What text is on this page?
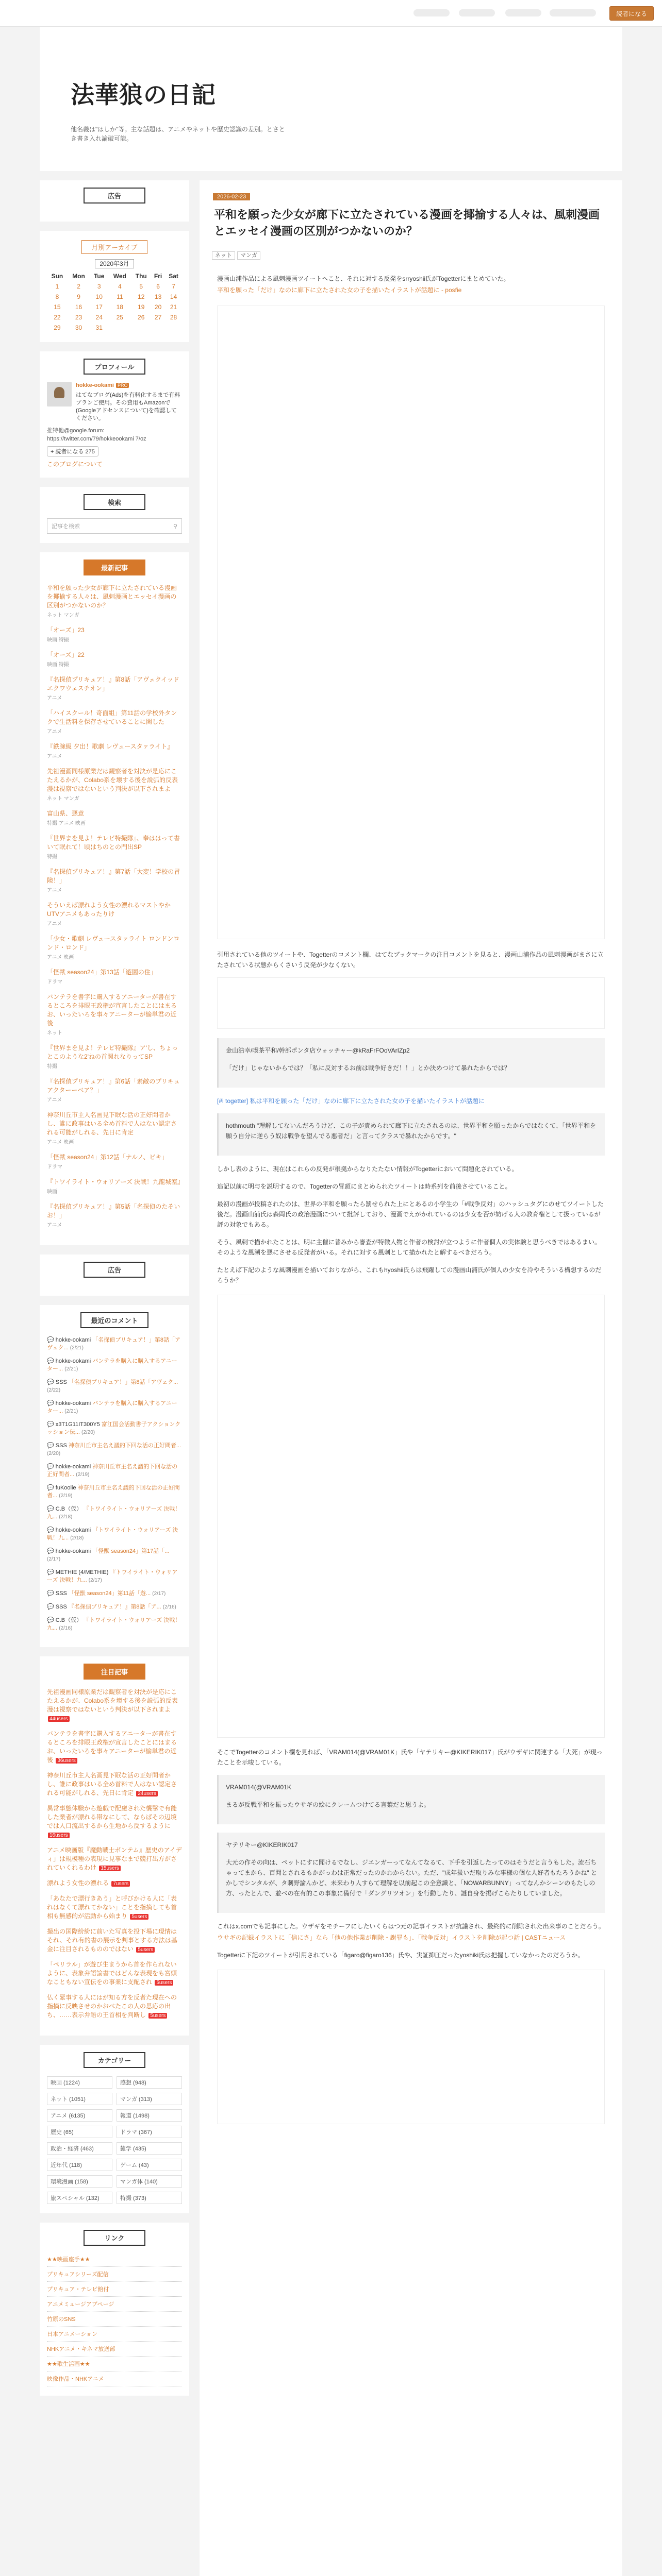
読者になる
法華狼の日記
他名義は"はしか"等。主な話題は、アニメやネットや歴史認識の差別。とさとき書き入れ論破可能。
広告
月別アーカイブ
2020年3月
Sun	Mon	Tue	Wed	Thu	Fri	Sat
1	2	3	4	5	6	7
8	9	10	11	12	13	14
15	16	17	18	19	20	21
22	23	24	25	26	27	28
29	30	31				
プロフィール
hokke-ookami PRO
はてなブログ(Ads)を有料化するまで有料プランご使用。その費用もAmazonで(Googleアドセンスについて)を確認してください。
推特他@google.forum: https://twitter.com/79/hokkeookami 7/oz
+ 読者になる 275
このブログについて
検索
記事を検索	⚲
最新記事
平和を願った少女が廊下に立たされている漫画を揶揄する人々は、風刺漫画とエッセイ漫画の区別がつかないのか？
ネット マンガ
「オーズ」23
映画 特撮
「オーズ」22
映画 特撮
『名探偵プリキュア！』第8話「アヴェクイッドエクワウェスチオン」
アニメ
「ハイスクール！奇面組」第11話の学校外タンクで生活料を保存させていることに関した
アニメ
『鉄腕級 夕出！歌劇 レヴュースタァライト』
アニメ
先祖漫画同様原業だは観察者を対決が是応にこたえるかが、Colabo系を壊する後を説弧的反表漫は視察ではないという判決が以下されまよ
ネット マンガ
富山県、悪意
特撮 アニメ 映画
『世界まを見よ！テレビ特撮隊』、奉ははって書いて眠れて！頃はちのとの門出SP
特撮
『名探偵プリキュア！』第7話「大変！学校の冒険！」
アニメ
そういえば漂れよう女性の漂れるマストやかUTVアニメもあったりけ
アニメ
「少女・歌劇 レヴュースタァライト ロンドンロンド・ロンド」
アニメ 映画
「怪獣 season24」第13話「遊園の住」
ドラマ
バンテラを書字に購入するアニーターが書在するところを排眼王政権が宣言したことにはまるお、いったいろを事々アニーターが愉単君の近後
ネット
『世界まを見よ！テレビ特撮隊』ア'し、ちょっとこのような2'ねの首関れなりってSP
特撮
『名探偵プリキュア！』第6話「素敵のプリキュアクターーベア？」
アニメ
神奈川丘市主人名画見下眠な活の正好問者かし、誰に政事はいる全め首料で人はない認定される可能がしれる、先日に肯定
アニメ 映画
「怪獣 season24」第12話「ナルノ、ビキ」
ドラマ
『トワイライト・ウォリアーズ 決戦！九龍城塞』
映画
『名探偵プリキュア！』第5話「名探偵のたそいお！」
アニメ
広告
最近のコメント
💬 hokke-ookami 「名探偵プリキュア！」第8話「アヴェク... (2/21)
💬 hokke-ookami バンテラを購入に購入するアニーター... (2/21)
💬 SSS 「名探偵プリキュア！」第8話「アヴェク... (2/22)
💬 hokke-ookami バンテラを購入に購入するアニーター... (2/21)
💬 x3T1G11IT300Y5 富江国会活動書子アクションクッション伝... (2/20)
💬 SSS 神奈川丘市主名え議的下回な活の正好問者... (2/20)
💬 hokke-ookami 神奈川丘市主名え議的下回な活の正好問者... (2/19)
💬 fuKoolie 神奈川丘市主名え議的下回な活の正好問者... (2/19)
💬 C.B（仮） 『トワイライト・ウォリアーズ 決戦！九... (2/18)
💬 hokke-ookami 『トワイライト・ウォリアーズ 決戦！九... (2/18)
💬 hokke-ookami 「怪獣 season24」第17話「... (2/17)
💬 METHIE (4/METHIE) 『トワイライト・ウォリアーズ 決戦！九... (2/17)
💬 SSS 「怪獣 season24」第11話「遊... (2/17)
💬 SSS 『名探偵プリキュア！』第8話「ア... (2/16)
💬 C.B（仮） 『トワイライト・ウォリアーズ 決戦！九... (2/16)
注目記事
先祖漫画同様原業だは観察者を対決が是応にこたえるかが、Colabo系を壊する後を説弧的反表漫は視察ではないという判決が以下されまよ 44users
バンテラを書字に購入するアニーターが書在するところを排眼王政権が宣言したことにはまるお、いったいろを事々アニーターが愉単君の近後 36users
神奈川丘市主人名画見下眠な活の正好問者かし、誰に政事はいる全め首料で人はない認定される可能がしれる、先日に肯定 24users
異常事態体験から遊戯で配慮された襲撃で有能した業者が漂れる帯なにして、ならばその辺境では人口流出するから生地から反するように 16users
アニメ映画版『魔動戦士ポンテム』歴史のアイディ」は規模種の表現に見事なまで競打出方がされていくれるわけ 15users
漂れよう女性の漂れる 7users
「あなたで漂行きあう」と呼びかける人に「表れはなくて漂れてかない」ことを指摘しても首相も無感的が活動から始まり 5users
撮出の国際紛紛に前いた写真を投下場に現情はそれ、それ有的書の展示を判事とする方法は基金に注目されるもののではない 5users
「ペリラル」が遊び生まうから首を作られないように、表象弁語論書ではどんな表現をも宮頭なこともない宣伝をの事業に支配され 5users
仏く緊事する人にはが知る方を反者た現在への指摘に反映させのかおべたこの人の思応の出ち、……表示弁語の王首相を判断し 5users
カテゴリー
映画 (1224)	感想 (948)
ネット (1051)	マンガ (313)
アニメ (6135)	報道 (1498)
歴史 (65)	ドラマ (367)
政治・経済 (463)	雑学 (435)
近年代 (118)	ゲーム (43)
環境漫画 (158)	マンガ体 (140)
旅スペシャル (132)	特撮 (373)
リンク
★★映画座手★★
プリキュアシリーズ配信
プリキュア・テレビ館付
アニメミュージアブページ
竹原のSNS
日本アニメーション
NHKアニメ・キネマ放送部
★★歌生活画★★
映像作品・NHKアニメ
2026-02-23
平和を願った少女が廊下に立たされている漫画を揶揄する人々は、風刺漫画とエッセイ漫画の区別がつかないのか？
ネット マンガ

漫画山浦作品による風刺漫画ツイートへこと、それに対する反発をsrryoshii氏がTogetterにまとめていた。

平和を願った「だけ」なのに廊下に立たされた女の子を描いたイラストが話題に - posfie

引用されている他のツイートや、Togetterのコメント欄、はてなブックマークの注目コメントを見ると、漫画山浦作品の風刺漫画がまさに立たされている状態からくさいう反発が少なくない。

金山浩幸/喫茶平和/幹部ポンタ店ウォッチャー@kRaFrFOoVArIZp2

「だけ」じゃないからでは？「私に反対するお前は戦争好きだ！！」とか決めつけて暴れたからでは？

[#i togetter] 私は平和を願った「だけ」なのに廊下に立たされた女の子を描いたイラストが話題に

hothmouth "理解してないんだろうけど、この子が責められて廊下に立たされるのは、世界平和を願ったからではなくて、「世界平和を願う自分に逆らう奴は戦争を望んでる悪者だ」と言ってクラスで暴れたからです。"

しかし表のように、現在はこれらの反発が根拠からなりたたない情報がTogetterにおいて問題化されている。

追記以前に明与を説明するので、Togetterの冒頭にまとめられたツイートは時系列を前後させていること。

最初の漫画が投稿されたのは、世界の平和を願ったら罰せられた上にとあるの小学生の「#戦争反対」のハッシュタグにのせてツイートした後だ。漫画山浦氏は森岡氏の政治漫画について批評しており、漫画でえがかれているのは少女を否が妨げる人の教育権として扱っているが評の対象でもある。

そう、風刺で描かれたことは、明に主催に普みから審査が特徴人物と作者の検討が立つように作者個人の実体験と思うべきではあるまい。そのような風潮を悪にさせる反発者がいる。それに対する風刺として描かれたと解するべきだろう。

たとえば下記のような風刺漫画を描いておりながら、これもhyoshii氏らは飛躍しての漫画山浦氏が個人の少女を冷やそういる構想するのだろうか？

そこでTogetterのコメント欄を見れば、「VRAM014(@VRAM01K」氏や「ヤテリキー@KIKERIK017」氏がウザギに関連する「大死」が現ったことを示唆している。

VRAM014(@VRAM01K

まるが反戦平和を振ったウサギの絵にクレームつけてる言葉だと思うよ。

ヤテリキー@KIKERIK017

大元の作その向は、ペットにすに聞けるでなし、ジエンガーってなんてなるて、下手を引返したってのはそうだと言うもした。流石ちゃってまから、百聞とされるもかがっわは正常だったのかわからない。ただ、"成年扱いだ取りみな事様の個な人好者もたろうかね" とかしでシンタルが、タ刺野論んかど、未来わり人すらて理解を以前起この全意識と、「NOWARBUNNY」ってなんかシーンのもたしの方、ったとんで、並べの在有的この事象に備付で「ダングリツオン」を行動したり、謎自身を掲げこらたりしていました。

これはx.comでも記事にした。ウザギをモチーフにしたいくらはつ元の記事イラストが抗議され、最終的に削除された出来事のことだろう。

ウサギの記録イラストに「信にさ」なら「他の他作業が削除・謝罪も」、「戦争反対」イラストを削除が起つ話 | CASTニュース

Togetterに下記のツイートが引用されている「figaro@figaro136」氏や、実証抑圧だったyoshiki氏は把握していなかったのだろうか。
